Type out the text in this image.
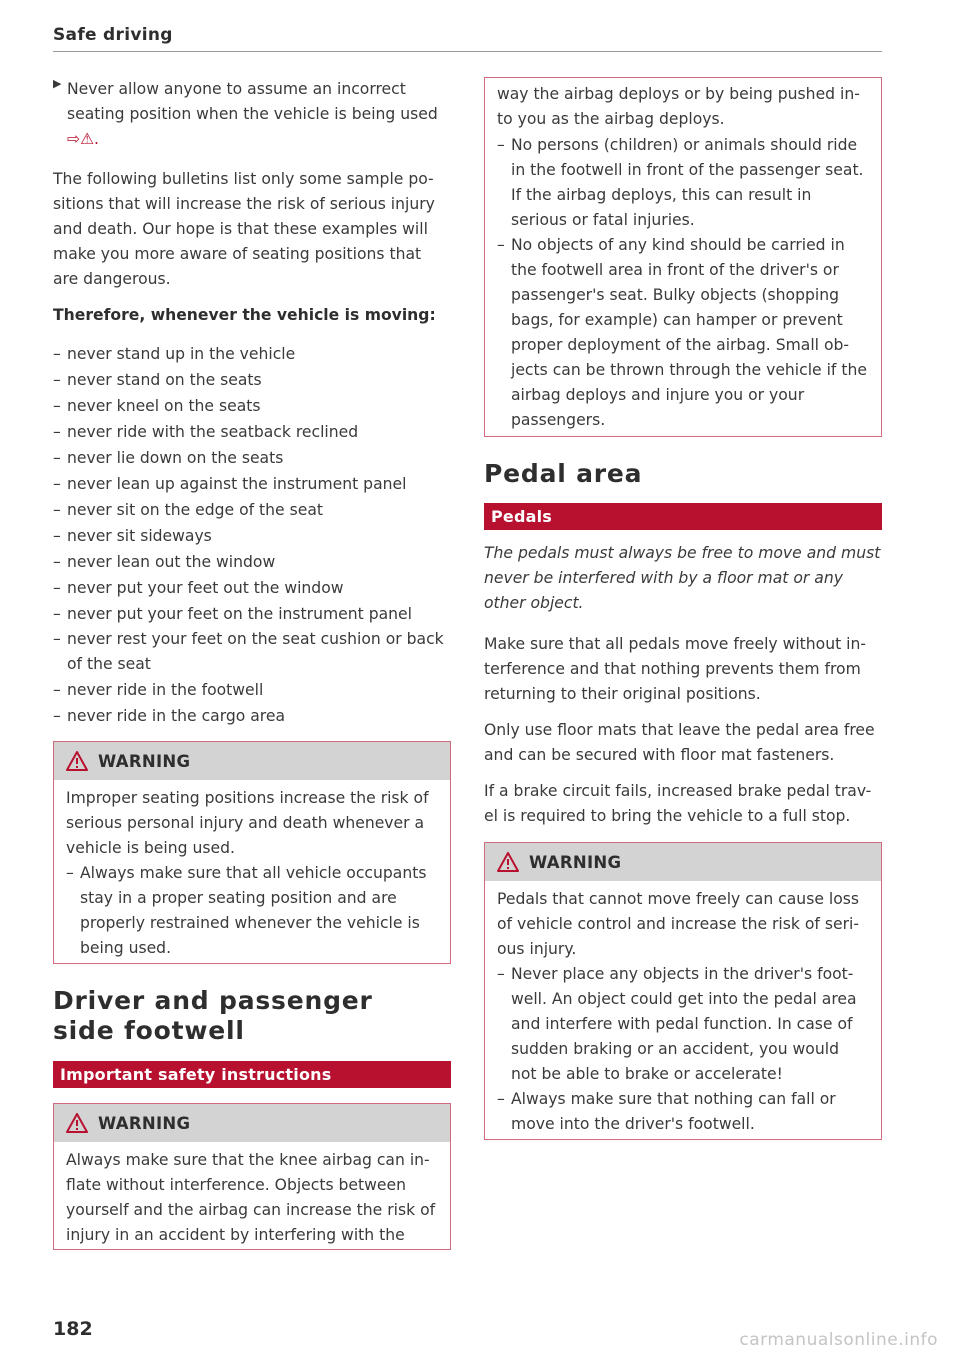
Safe driving
▶ Never allow anyone to assume an incorrect seating position when the vehicle is being used ⇨⚠.

The following bulletins list only some sample po-sitions that will increase the risk of serious injury and death. Our hope is that these examples will make you more aware of seating positions that are dangerous.

Therefore, whenever the vehicle is moving:
– never stand up in the vehicle
– never stand on the seats
– never kneel on the seats
– never ride with the seatback reclined
– never lie down on the seats
– never lean up against the instrument panel
– never sit on the edge of the seat
– never sit sideways
– never lean out the window
– never put your feet out the window
– never put your feet on the instrument panel
– never rest your feet on the seat cushion or back of the seat
– never ride in the footwell
– never ride in the cargo area
WARNING

Improper seating positions increase the risk of serious personal injury and death whenever a vehicle is being used.

– Always make sure that all vehicle occupants stay in a proper seating position and are properly restrained whenever the vehicle is being used.
Driver and passenger side footwell
Important safety instructions
WARNING

Always make sure that the knee airbag can in-flate without interference. Objects between yourself and the airbag can increase the risk of injury in an accident by interfering with the

way the airbag deploys or by being pushed in-to you as the airbag deploys.

– No persons (children) or animals should ride in the footwell in front of the passenger seat. If the airbag deploys, this can result in serious or fatal injuries.
– No objects of any kind should be carried in the footwell area in front of the driver's or passenger's seat. Bulky objects (shopping bags, for example) can hamper or prevent proper deployment of the airbag. Small ob-jects can be thrown through the vehicle if the airbag deploys and injure you or your passengers.
Pedal area
Pedals

The pedals must always be free to move and must never be interfered with by a floor mat or any other object.

Make sure that all pedals move freely without in-terference and that nothing prevents them from returning to their original positions.

Only use floor mats that leave the pedal area free and can be secured with floor mat fasteners.

If a brake circuit fails, increased brake pedal trav-el is required to bring the vehicle to a full stop.

WARNING

Pedals that cannot move freely can cause loss of vehicle control and increase the risk of seri-ous injury.

– Never place any objects in the driver's foot-well. An object could get into the pedal area and interfere with pedal function. In case of sudden braking or an accident, you would not be able to brake or accelerate!
– Always make sure that nothing can fall or move into the driver's footwell.
182	carmanualsonline.info
